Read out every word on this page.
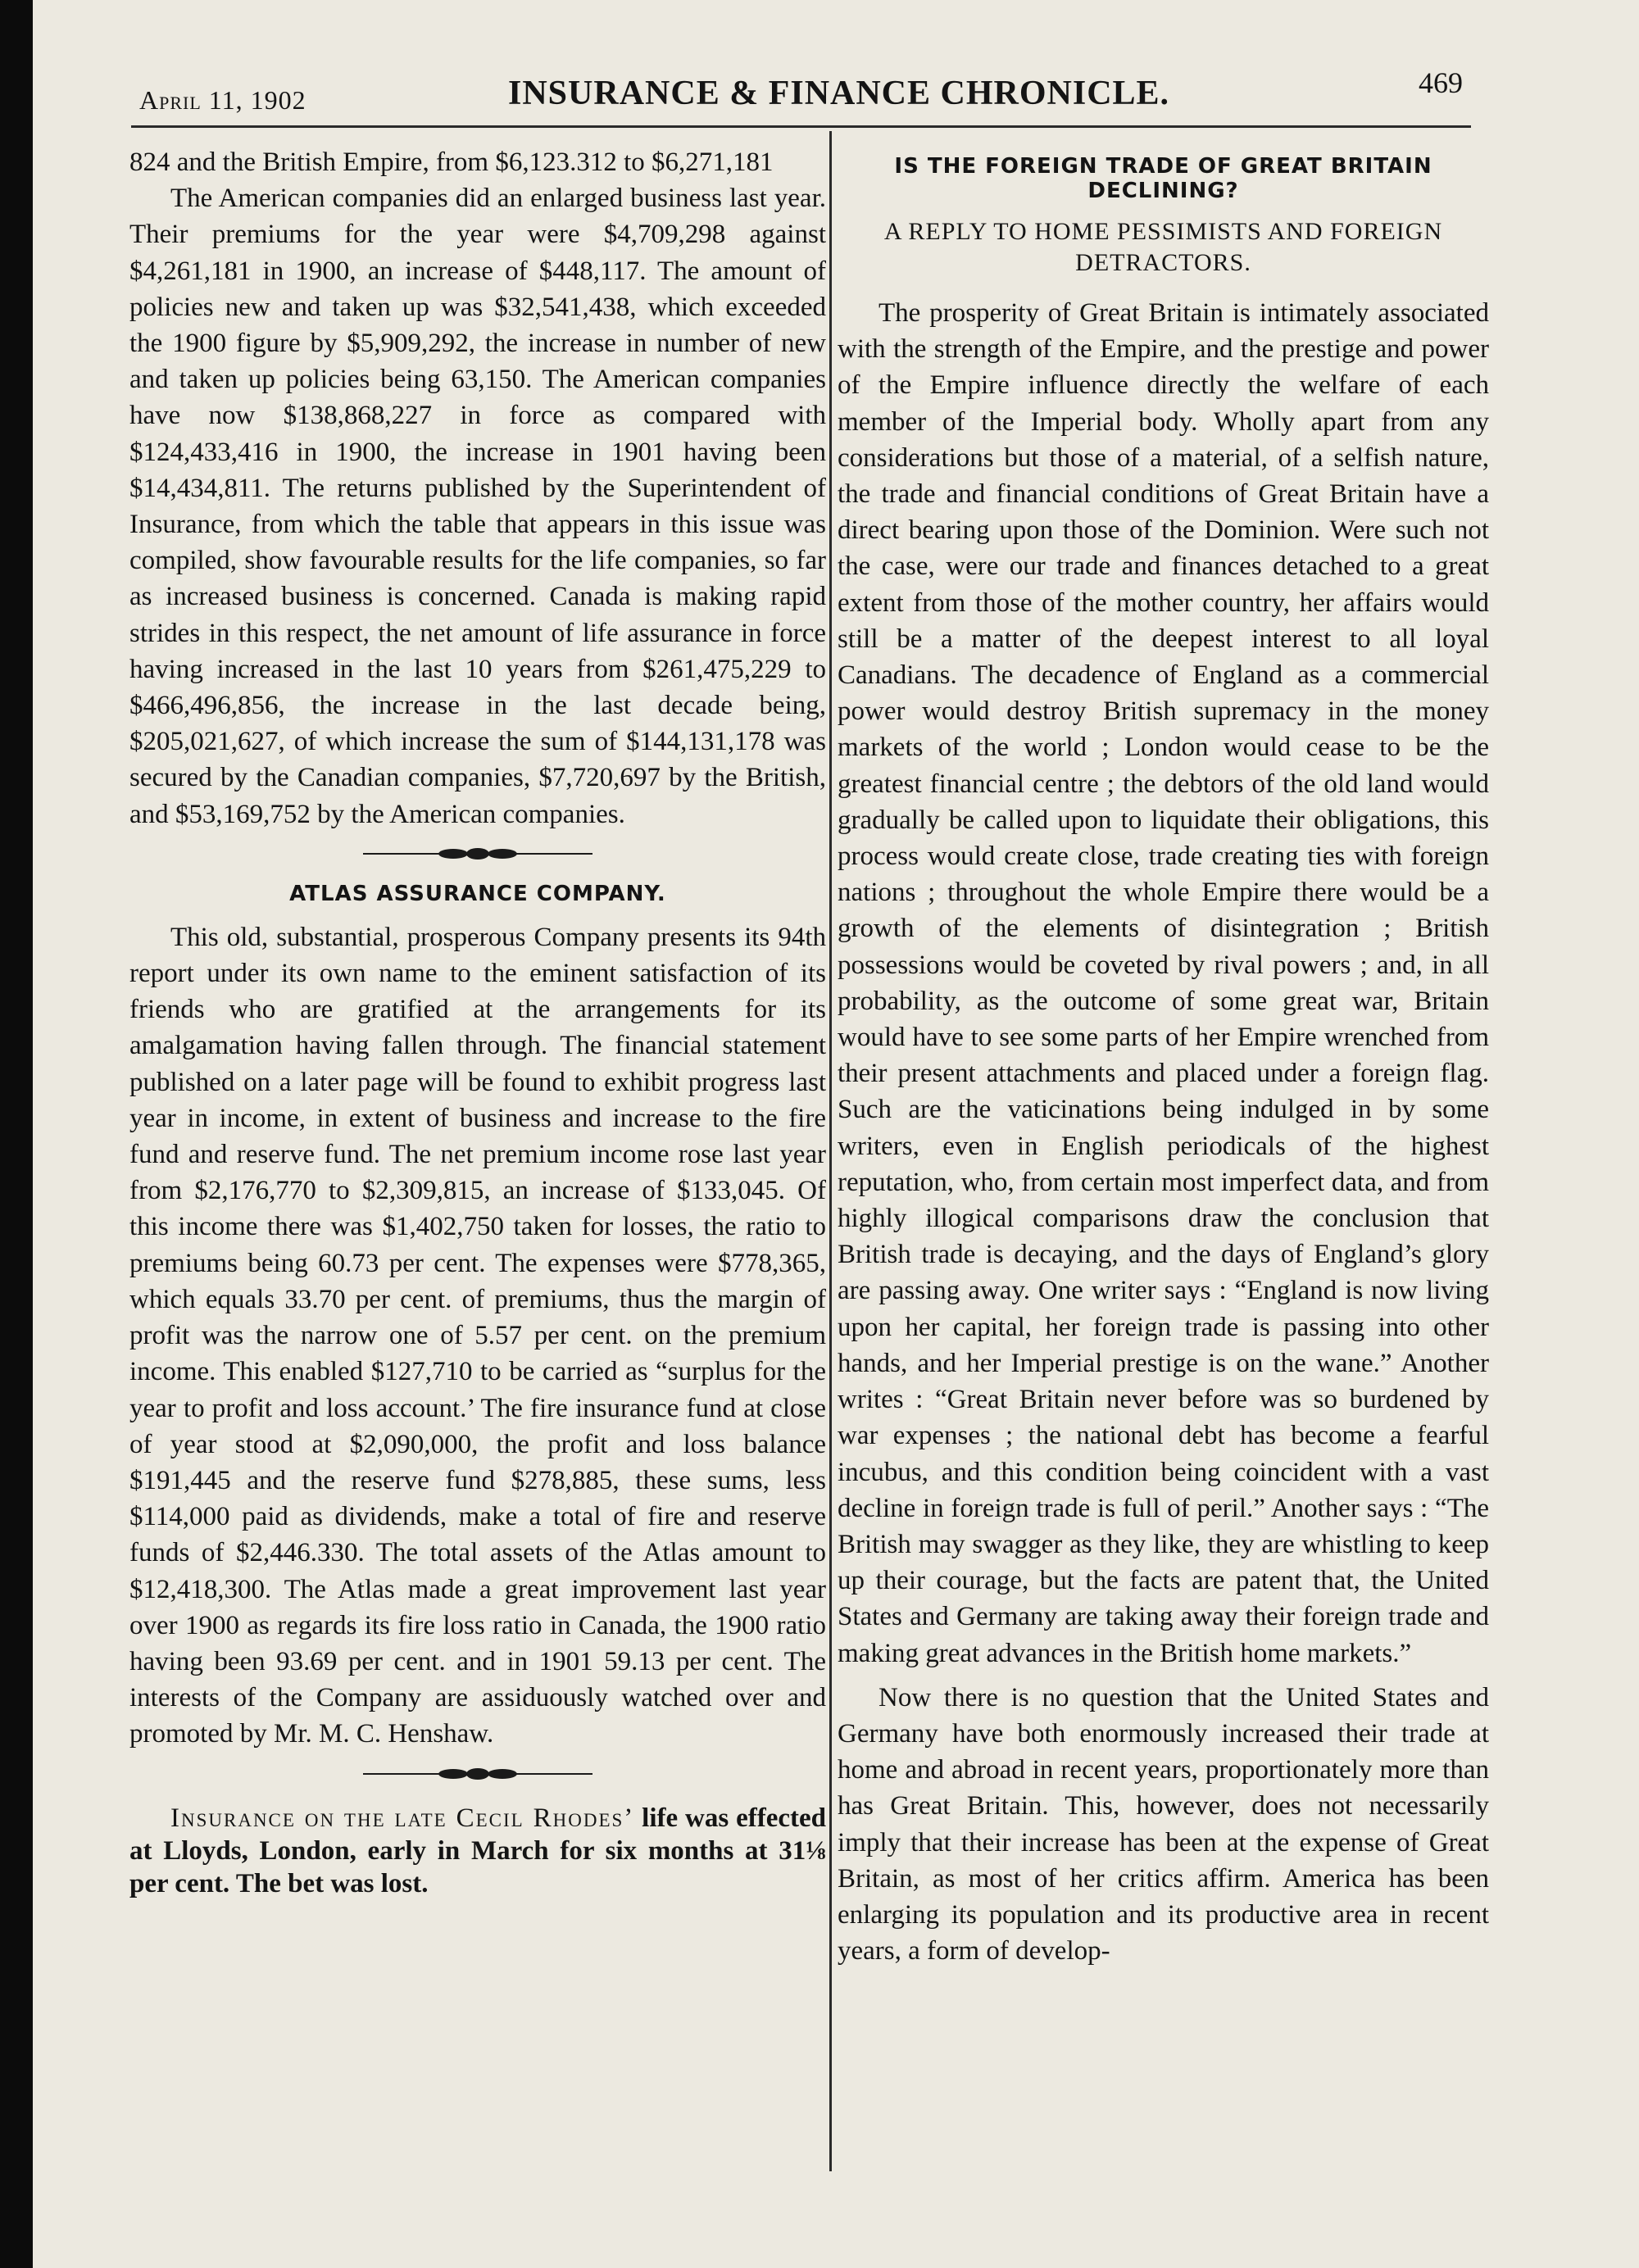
April 11, 1902	INSURANCE & FINANCE CHRONICLE.	469

824 and the British Empire, from $6,123.312 to $6,271,181

The American companies did an enlarged business last year. Their premiums for the year were $4,709,298 against $4,261,181 in 1900, an increase of $448,117. The amount of policies new and taken up was $32,541,438, which exceeded the 1900 figure by $5,909,292, the increase in number of new and taken up policies being 63,150. The American companies have now $138,868,227 in force as compared with $124,433,416 in 1900, the increase in 1901 having been $14,434,811. The returns published by the Superintendent of Insurance, from which the table that appears in this issue was compiled, show favourable results for the life companies, so far as increased business is concerned. Canada is making rapid strides in this respect, the net amount of life assurance in force having increased in the last 10 years from $261,475,229 to $466,496,856, the increase in the last decade being, $205,021,627, of which increase the sum of $144,131,178 was secured by the Canadian companies, $7,720,697 by the British, and $53,169,752 by the American companies.

ATLAS ASSURANCE COMPANY.

This old, substantial, prosperous Company presents its 94th report under its own name to the eminent satisfaction of its friends who are gratified at the arrangements for its amalgamation having fallen through. The financial statement published on a later page will be found to exhibit progress last year in income, in extent of business and increase to the fire fund and reserve fund. The net premium income rose last year from $2,176,770 to $2,309,815, an increase of $133,045. Of this income there was $1,402,750 taken for losses, the ratio to premiums being 60.73 per cent. The expenses were $778,365, which equals 33.70 per cent. of premiums, thus the margin of profit was the narrow one of 5.57 per cent. on the premium income. This enabled $127,710 to be carried as “surplus for the year to profit and loss account.’ The fire insurance fund at close of year stood at $2,090,000, the profit and loss balance $191,445 and the reserve fund $278,885, these sums, less $114,000 paid as dividends, make a total of fire and reserve funds of $2,446.330. The total assets of the Atlas amount to $12,418,300. The Atlas made a great improvement last year over 1900 as regards its fire loss ratio in Canada, the 1900 ratio having been 93.69 per cent. and in 1901 59.13 per cent. The interests of the Company are assiduously watched over and promoted by Mr. M. C. Henshaw.

Insurance on the late Cecil Rhodes’ life was effected at Lloyds, London, early in March for six months at 31⅛ per cent. The bet was lost.

IS THE FOREIGN TRADE OF GREAT BRITAIN DECLINING?
A REPLY TO HOME PESSIMISTS AND FOREIGN DETRACTORS.

The prosperity of Great Britain is intimately associated with the strength of the Empire, and the prestige and power of the Empire influence directly the welfare of each member of the Imperial body. Wholly apart from any considerations but those of a material, of a selfish nature, the trade and financial conditions of Great Britain have a direct bearing upon those of the Dominion. Were such not the case, were our trade and finances detached to a great extent from those of the mother country, her affairs would still be a matter of the deepest interest to all loyal Canadians. The decadence of England as a commercial power would destroy British supremacy in the money markets of the world ; London would cease to be the greatest financial centre ; the debtors of the old land would gradually be called upon to liquidate their obligations, this process would create close, trade creating ties with foreign nations ; throughout the whole Empire there would be a growth of the elements of disintegration ; British possessions would be coveted by rival powers ; and, in all probability, as the outcome of some great war, Britain would have to see some parts of her Empire wrenched from their present attachments and placed under a foreign flag. Such are the vaticinations being indulged in by some writers, even in English periodicals of the highest reputation, who, from certain most imperfect data, and from highly illogical comparisons draw the conclusion that British trade is decaying, and the days of England’s glory are passing away. One writer says : “England is now living upon her capital, her foreign trade is passing into other hands, and her Imperial prestige is on the wane.” Another writes : “Great Britain never before was so burdened by war expenses ; the national debt has become a fearful incubus, and this condition being coincident with a vast decline in foreign trade is full of peril.” Another says : “The British may swagger as they like, they are whistling to keep up their courage, but the facts are patent that, the United States and Germany are taking away their foreign trade and making great advances in the British home markets.”

Now there is no question that the United States and Germany have both enormously increased their trade at home and abroad in recent years, proportionately more than has Great Britain. This, however, does not necessarily imply that their increase has been at the expense of Great Britain, as most of her critics affirm. America has been enlarging its population and its productive area in recent years, a form of develop-
